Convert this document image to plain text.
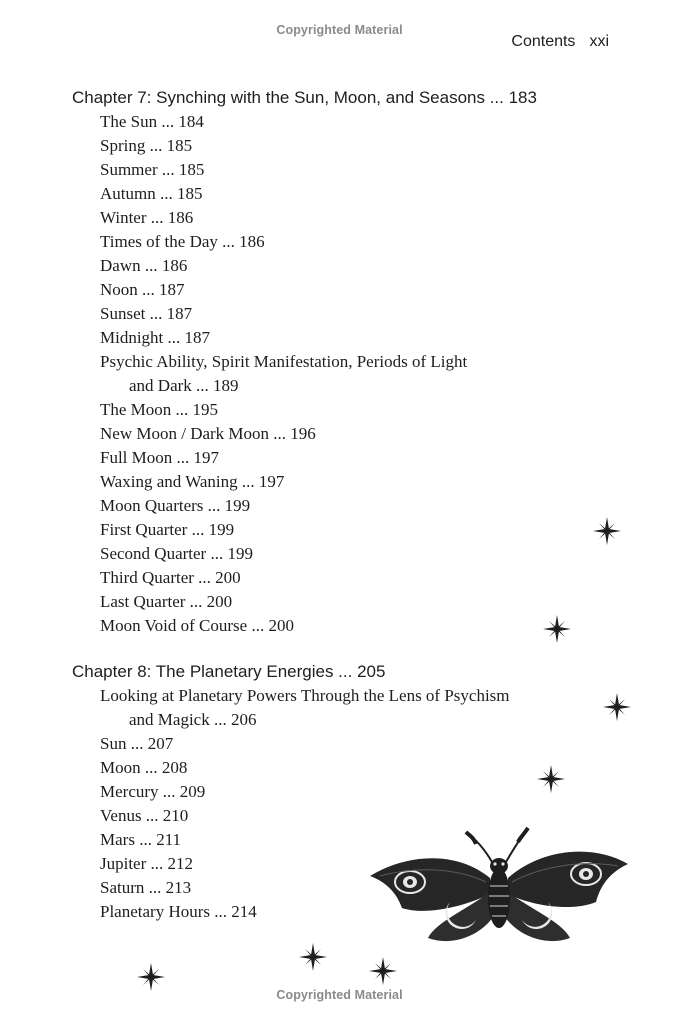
Copyrighted Material
Contents xxi
Chapter 7: Synching with the Sun, Moon, and Seasons ... 183
The Sun ... 184
Spring ... 185
Summer ... 185
Autumn ... 185
Winter ... 186
Times of the Day ... 186
Dawn ... 186
Noon ... 187
Sunset ... 187
Midnight ... 187
Psychic Ability, Spirit Manifestation, Periods of Light
and Dark ... 189
The Moon ... 195
New Moon / Dark Moon ... 196
Full Moon ... 197
Waxing and Waning ... 197
Moon Quarters ... 199
First Quarter ... 199
Second Quarter ... 199
Third Quarter ... 200
Last Quarter ... 200
Moon Void of Course ... 200
Chapter 8: The Planetary Energies ... 205
Looking at Planetary Powers Through the Lens of Psychism
and Magick ... 206
Sun ... 207
Moon ... 208
Mercury ... 209
Venus ... 210
Mars ... 211
Jupiter ... 212
Saturn ... 213
Planetary Hours ... 214
Copyrighted Material
